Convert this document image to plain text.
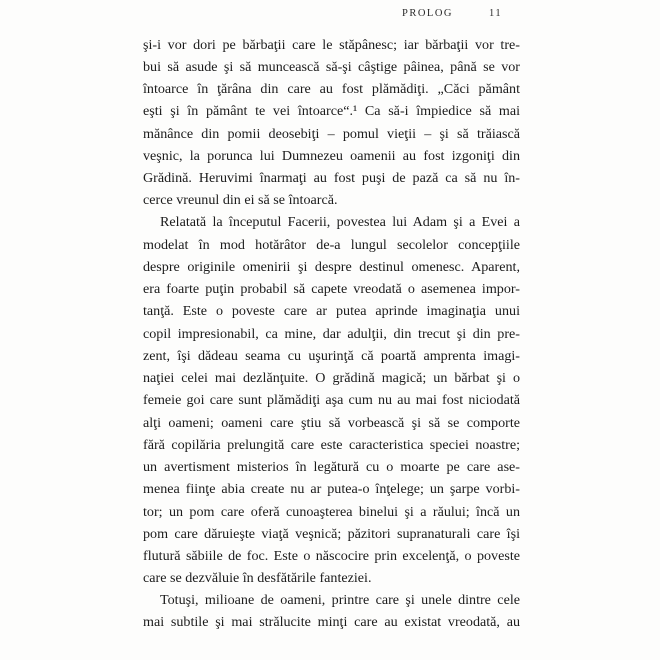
PROLOG	11
şi-i vor dori pe bărbaţii care le stăpânesc; iar bărbaţii vor tre-
bui să asude şi să muncească să-şi câştige pâinea, până se vor
întoarce în ţărâna din care au fost plămădiţi. „Căci pământ
eşti şi în pământ te vei întoarce“.¹ Ca să-i împiedice să mai
mănânce din pomii deosebiţi – pomul vieţii – şi să trăiască
veşnic, la porunca lui Dumnezeu oamenii au fost izgoniţi din
Grădină. Heruvimi înarmaţi au fost puşi de pază ca să nu în-
cerce vreunul din ei să se întoarcă.
Relatată la începutul Facerii, povestea lui Adam şi a Evei a
modelat în mod hotărâtor de-a lungul secolelor concepţiile
despre originile omenirii şi despre destinul omenesc. Aparent,
era foarte puţin probabil să capete vreodată o asemenea impor-
tanţă. Este o poveste care ar putea aprinde imaginaţia unui
copil impresionabil, ca mine, dar adulţii, din trecut şi din pre-
zent, îşi dădeau seama cu uşurinţă că poartă amprenta imagi-
naţiei celei mai dezlănţuite. O grădină magică; un bărbat şi o
femeie goi care sunt plămădiţi aşa cum nu au mai fost niciodată
alţi oameni; oameni care ştiu să vorbească şi să se comporte
fără copilăria prelungită care este caracteristica speciei noastre;
un avertisment misterios în legătură cu o moarte pe care ase-
menea fiinţe abia create nu ar putea-o înţelege; un şarpe vorbi-
tor; un pom care oferă cunoaşterea binelui şi a răului; încă un
pom care dăruieşte viaţă veşnică; păzitori supranaturali care îşi
flutură săbiile de foc. Este o născocire prin excelenţă, o poveste
care se dezvăluie în desfătările fanteziei.
Totuşi, milioane de oameni, printre care şi unele dintre cele
mai subtile şi mai strălucite minţi care au existat vreodată, au
